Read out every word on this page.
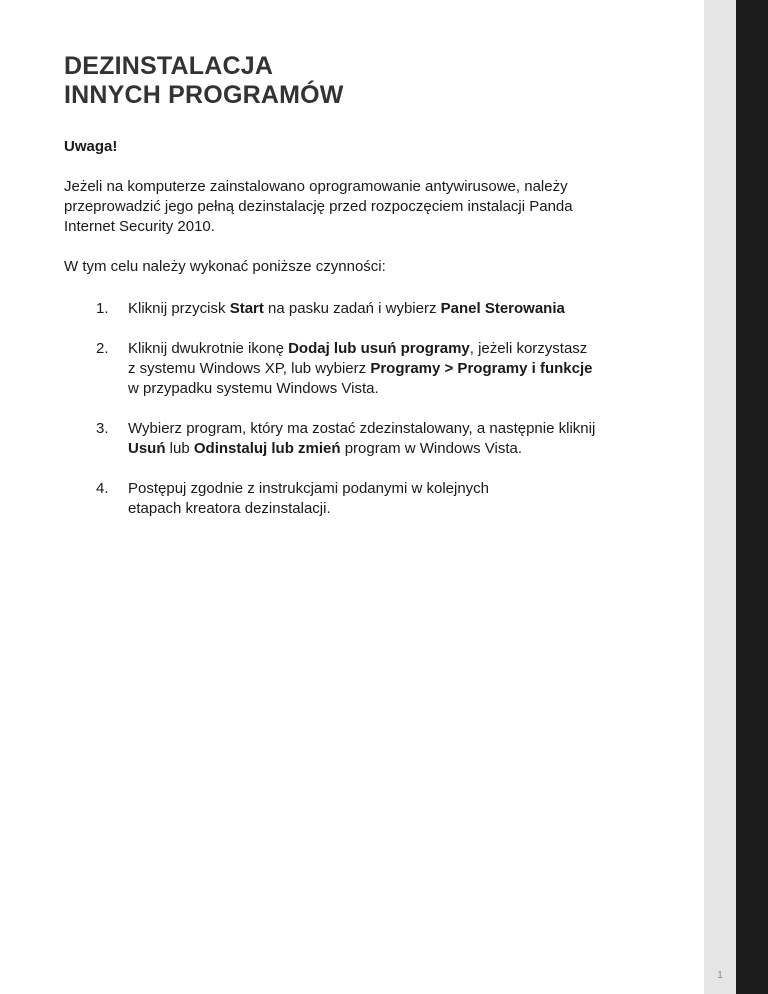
DEZINSTALACJA
INNYCH PROGRAMÓW
Uwaga!

Jeżeli na komputerze zainstalowano oprogramowanie antywirusowe, należy
przeprowadzić jego pełną dezinstalację przed rozpoczęciem instalacji Panda
Internet Security 2010.

W tym celu należy wykonać poniższe czynności:

1. Kliknij przycisk Start na pasku zadań i wybierz Panel Sterowania
2. Kliknij dwukrotnie ikonę Dodaj lub usuń programy, jeżeli korzystasz
z systemu Windows XP, lub wybierz Programy > Programy i funkcje
w przypadku systemu Windows Vista.
3. Wybierz program, który ma zostać zdezinstalowany, a następnie kliknij
Usuń lub Odinstaluj lub zmień program w Windows Vista.
4. Postępuj zgodnie z instrukcjami podanymi w kolejnych
etapach kreatora dezinstalacji.
1
